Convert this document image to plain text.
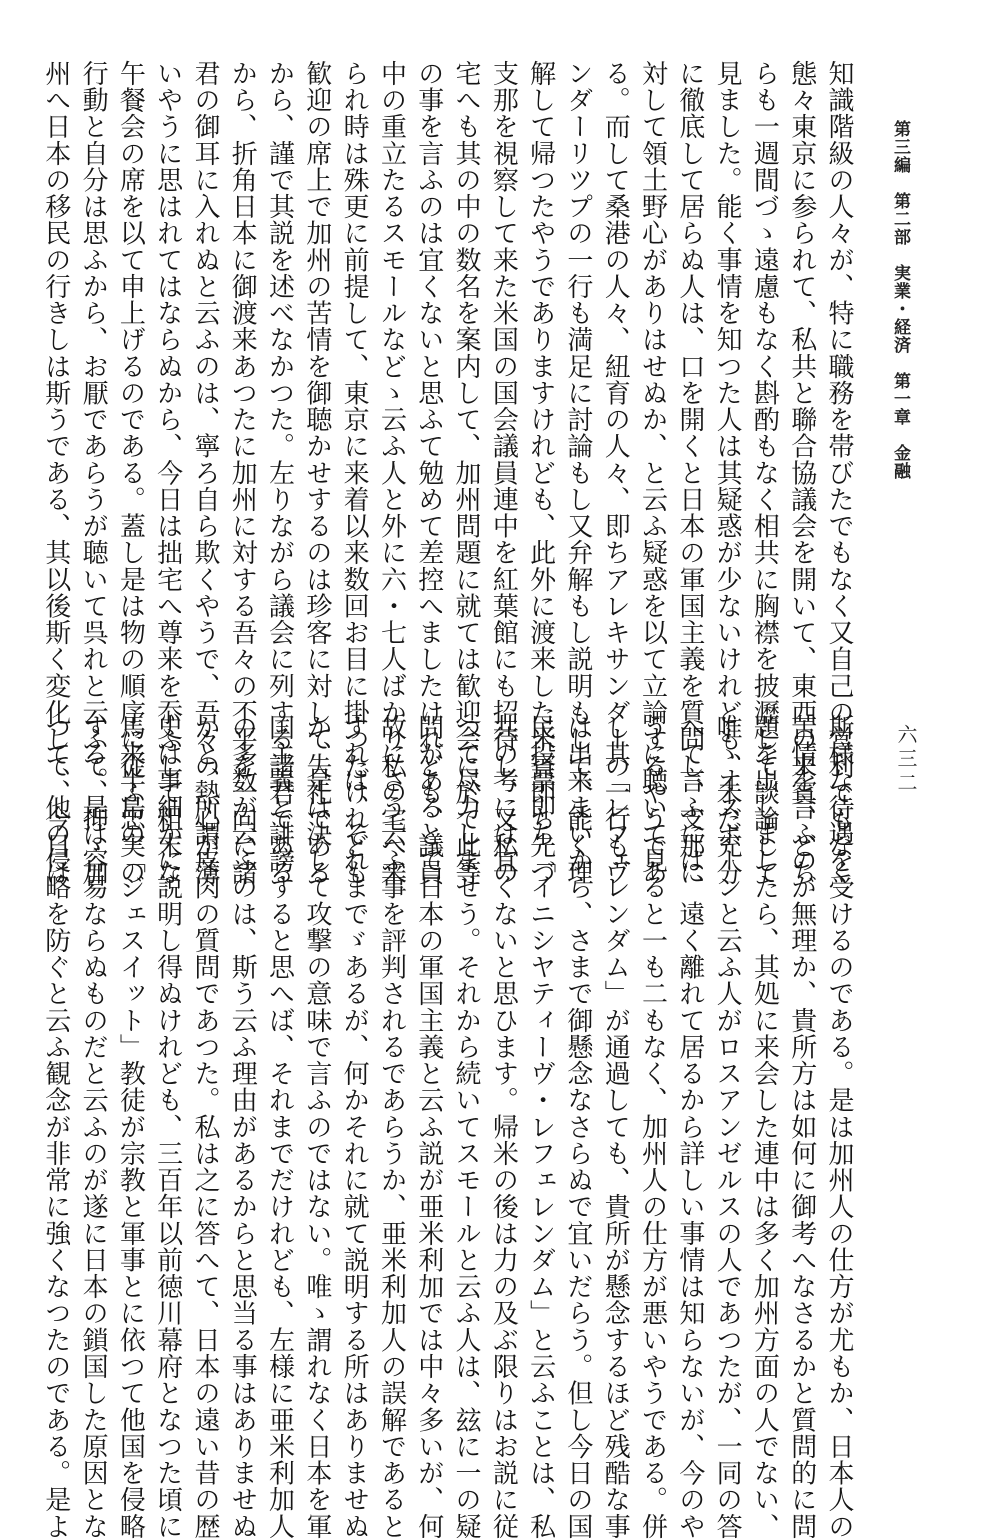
第三編　第二部　実業・経済　第一章　金融
六三二
知識階級の人々が、特に職務を帯びたでもなく又自己の営利でもなく
態々東京に参られて、私共と聯合協議会を開いて、東西の来賓、どち
らも一週間づゝ遠慮もなく斟酌もなく相共に胸襟を披瀝して談論して
見ました。能く事情を知つた人は其疑惑が少ないけれども、未だ充分
に徹底して居らぬ人は、口を開くと日本の軍国主義を質問し、支那に
対して領土野心がありはせぬか、と云ふ疑惑を以て立論するやうであ
る。而して桑港の人々、紐育の人々、即ちアレキサンダーの一行もヴ
ンダーリツプの一行も満足に討論もし又弁解もし説明もして、能く理
解して帰つたやうでありますけれども、此外に渡来した米賓即ち先づ
支那を視察して来た米国の国会議員連中を紅葉館にも招待し、又私の
宅へも其の中の数名を案内して、加州問題に就ては歓迎会に於て此等
の事を言ふのは宜くないと思ふて勉めて差控へましたけれども、議員
中の重立たるスモールなどゝ云ふ人と外に六・七人ばかり私の宅へ来
られ時は殊更に前提して、東京に来着以来数回お目に掛つたけれども
歓迎の席上で加州の苦情を御聴かせするのは珍客に対して失礼である
から、謹で其説を述べなかつた。左りながら議会に列する諸君である
から、折角日本に御渡来あつたに加州に対する吾々の不平を一向に諸
君の御耳に入れぬと云ふのは、寧ろ自ら欺くやうで、吾々の熱心が薄
いやうに思はれてはならぬから、今日は拙宅へ尊来を忝ふして粗末な
午餐会の席を以て申上げるのである。蓋し是は物の順序に従ふ忠実の
行動と自分は思ふから、お厭であらうが聴いて呉れと云ふて、抑ゝ加
州へ日本の移民の行きしは斯うである、其以後斯く変化して、今日は
斯様な待遇を受けるのである。是は加州人の仕方が尤もか、日本人の
苦情を言ふのが無理か、貴所方は如何に御考へなさるかと質問的に問
題を出しましたら、其処に来会した連中は多く加州方面の人でない、
唯ゝオスボーンと云ふ人がロスアンゼルスの人であつたが、一同の答
へて言ふには、遠く離れて居るから詳しい事情は知らないが、今のや
うに聴いて見ると一も二もなく、加州人の仕方が悪いやうである。併
し其「レフェレンダム」が通過しても、貴所が懸念するほど残酷な事
は出来まいから、さまで御懸念なさらぬで宜いだらう。但し今日の国
民投票即ち「イニシヤティーヴ・レフェレンダム」と云ふことは、私
共の考には宜くないと思ひます。帰米の後は力の及ぶ限りはお説に従
つて尽力しませう。それから続いてスモールと云ふ人は、玆に一の疑
問があるとて日本の軍国主義と云ふ説が亜米利加では中々多いが、何
故にさう云ふ事を評判されるであらうか、亜米利加人の誤解であると
すれば、それまでゞあるが、何かそれに就て説明する所はありませぬ
か、是は決して攻撃の意味で言ふのではない。唯ゝ謂れなく日本を軍
国主義と誹謗すると思へば、それまでだけれども、左様に亜米利加人
の多数が云ふのは、斯う云ふ理由があるからと思当る事はありませぬ
かと、所謂皮肉の質問であつた。私は之に答へて、日本の遠い昔の歴
史は事細かに説明し得ぬけれども、三百年以前徳川幕府となつた頃に
馬来半島の「ジェスイット」教徒が宗教と軍事とに依つて他国を侵略
する。是は容易ならぬものだと云ふのが遂に日本の鎖国した原因とな
つて、他の侵略を防ぐと云ふ観念が非常に強くなつたのである。是よ
